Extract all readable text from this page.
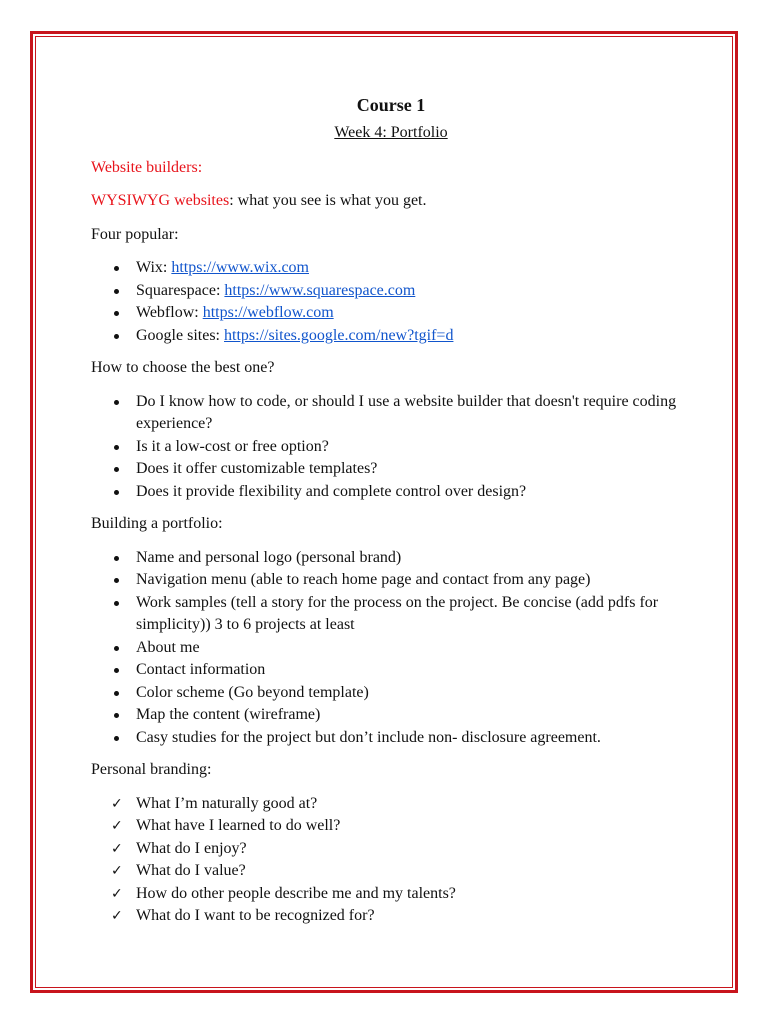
Course 1
Week 4: Portfolio

Website builders:

WYSIWYG websites: what you see is what you get.

Four popular:

Wix: https://www.wix.com
Squarespace: https://www.squarespace.com
Webflow: https://webflow.com
Google sites: https://sites.google.com/new?tgif=d

How to choose the best one?

Do I know how to code, or should I use a website builder that doesn't require coding experience?
Is it a low-cost or free option?
Does it offer customizable templates?
Does it provide flexibility and complete control over design?

Building a portfolio:

Name and personal logo (personal brand)
Navigation menu (able to reach home page and contact from any page)
Work samples (tell a story for the process on the project. Be concise (add pdfs for simplicity)) 3 to 6 projects at least
About me
Contact information
Color scheme (Go beyond template)
Map the content (wireframe)
Casy studies for the project but don’t include non- disclosure agreement.

Personal branding:

✓ What I’m naturally good at?
✓ What have I learned to do well?
✓ What do I enjoy?
✓ What do I value?
✓ How do other people describe me and my talents?
✓ What do I want to be recognized for?
